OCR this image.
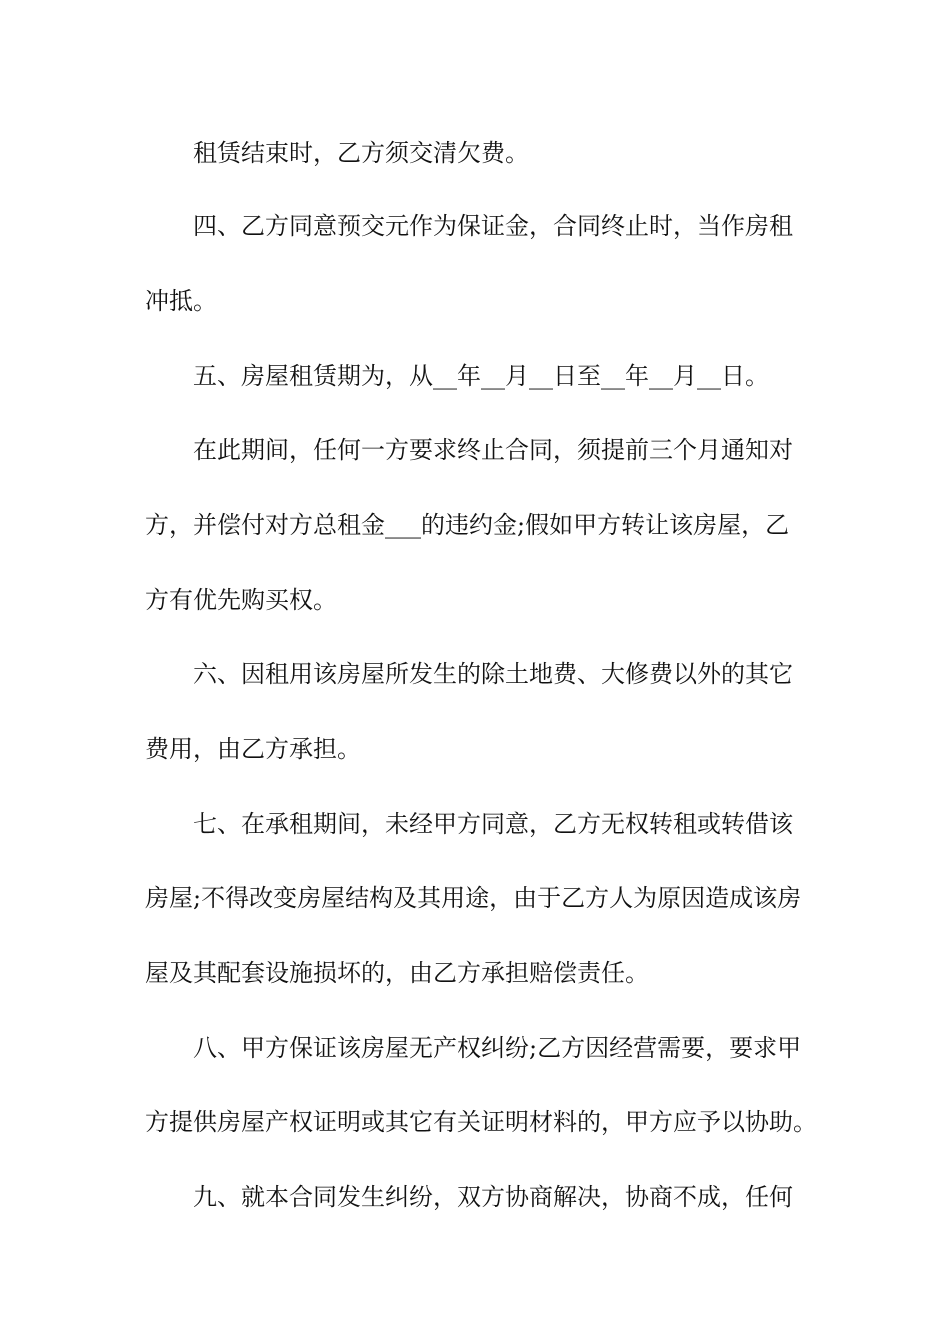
租赁结束时，乙方须交清欠费。
四、乙方同意预交元作为保证金，合同终止时，当作房租
冲抵。
五、房屋租赁期为，从__年__月__日至__年__月__日。
在此期间，任何一方要求终止合同，须提前三个月通知对
方，并偿付对方总租金___的违约金;假如甲方转让该房屋，乙
方有优先购买权。
六、因租用该房屋所发生的除土地费、大修费以外的其它
费用，由乙方承担。
七、在承租期间，未经甲方同意，乙方无权转租或转借该
房屋;不得改变房屋结构及其用途，由于乙方人为原因造成该房
屋及其配套设施损坏的，由乙方承担赔偿责任。
八、甲方保证该房屋无产权纠纷;乙方因经营需要，要求甲
方提供房屋产权证明或其它有关证明材料的，甲方应予以协助。
九、就本合同发生纠纷，双方协商解决，协商不成，任何
